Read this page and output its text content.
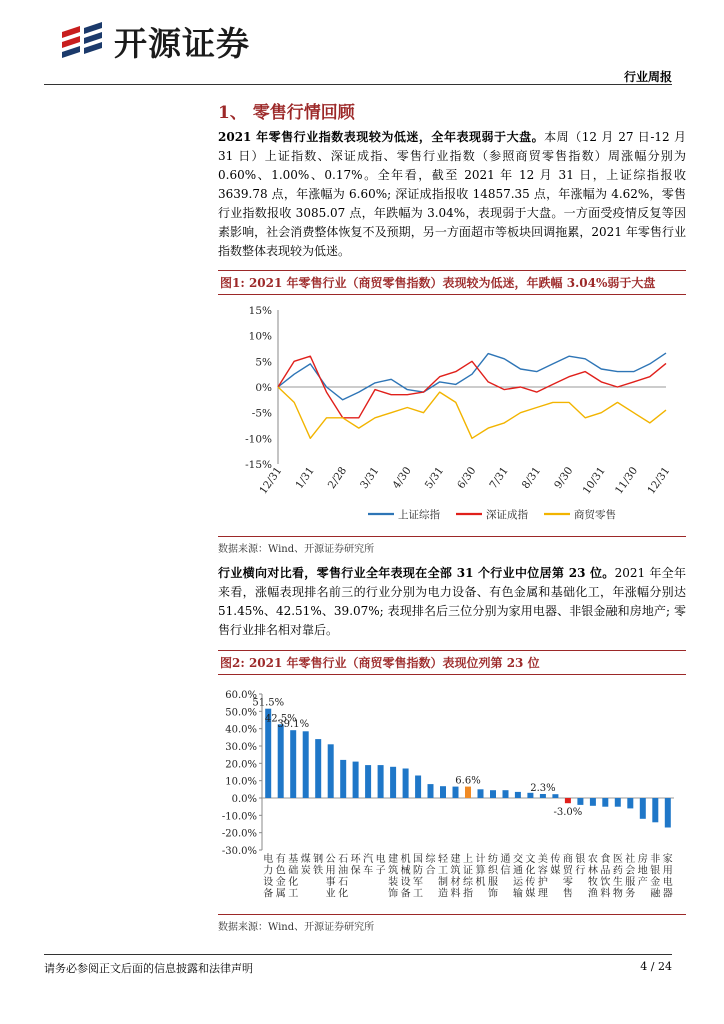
开源证券
行业周报
1、 零售行情回顾
2021 年零售行业指数表现较为低迷，全年表现弱于大盘。本周（12 月 27 日-12 月 31 日）上证指数、深证成指、零售行业指数（参照商贸零售指数）周涨幅分别为 0.60%、1.00%、0.17%。全年看，截至 2021 年 12 月 31 日，上证综指报收 3639.78 点，年涨幅为 6.60%; 深证成指报收 14857.35 点，年涨幅为 4.62%，零售行业指数报收 3085.07 点，年跌幅为 3.04%，表现弱于大盘。一方面受疫情反复等因素影响，社会消费整体恢复不及预期，另一方面超市等板块回调拖累，2021 年零售行业指数整体表现较为低迷。
图1: 2021 年零售行业（商贸零售指数）表现较为低迷，年跌幅 3.04%弱于大盘
15%
10%
5%
0%
-5%
-10%
-15%
12/31 1/31 2/28 3/31 4/30 5/31 6/30 7/31 8/31 9/30 10/31 11/30 12/31
上证综指	深证成指	商贸零售
数据来源：Wind、开源证券研究所
行业横向对比看，零售行业全年表现在全部 31 个行业中位居第 23 位。2021 年全年来看，涨幅表现排名前三的行业分别为电力设备、有色金属和基础化工，年涨幅分别达 51.45%、42.51%、39.07%; 表现排名后三位分别为家用电器、非银金融和房地产; 零售行业排名相对靠后。
图2: 2021 年零售行业（商贸零售指数）表现位列第 23 位
60.0%
50.0%
40.0%
30.0%
20.0%
10.0%
0.0%
-10.0%
-20.0%
-30.0%
电
力
设
备
有
色
金
属
基
础
化
工
煤
炭
钢
铁
公
用
事
业
石
油
石
化
环
保
汽
车
电
子
建
筑
装
饰
机
械
设
备
国
防
军
工
综
合
轻
工
制
造
建
筑
材
料
上
证
综
指
计
算
机
纺
织
服
饰
通
信
交
通
运
输
文
化
传
媒
美
容
护
理
传
媒
商
贸
零
售
银
行
农
林
牧
渔
食
品
饮
料
医
药
生
物
社
会
服
务
房
地
产
非
银
金
融
家
用
电
器
51.5%
42.5%
39.1%
6.6%
2.3%
-3.0%
数据来源：Wind、开源证券研究所
请务必参阅正文后面的信息披露和法律声明	4 / 24
